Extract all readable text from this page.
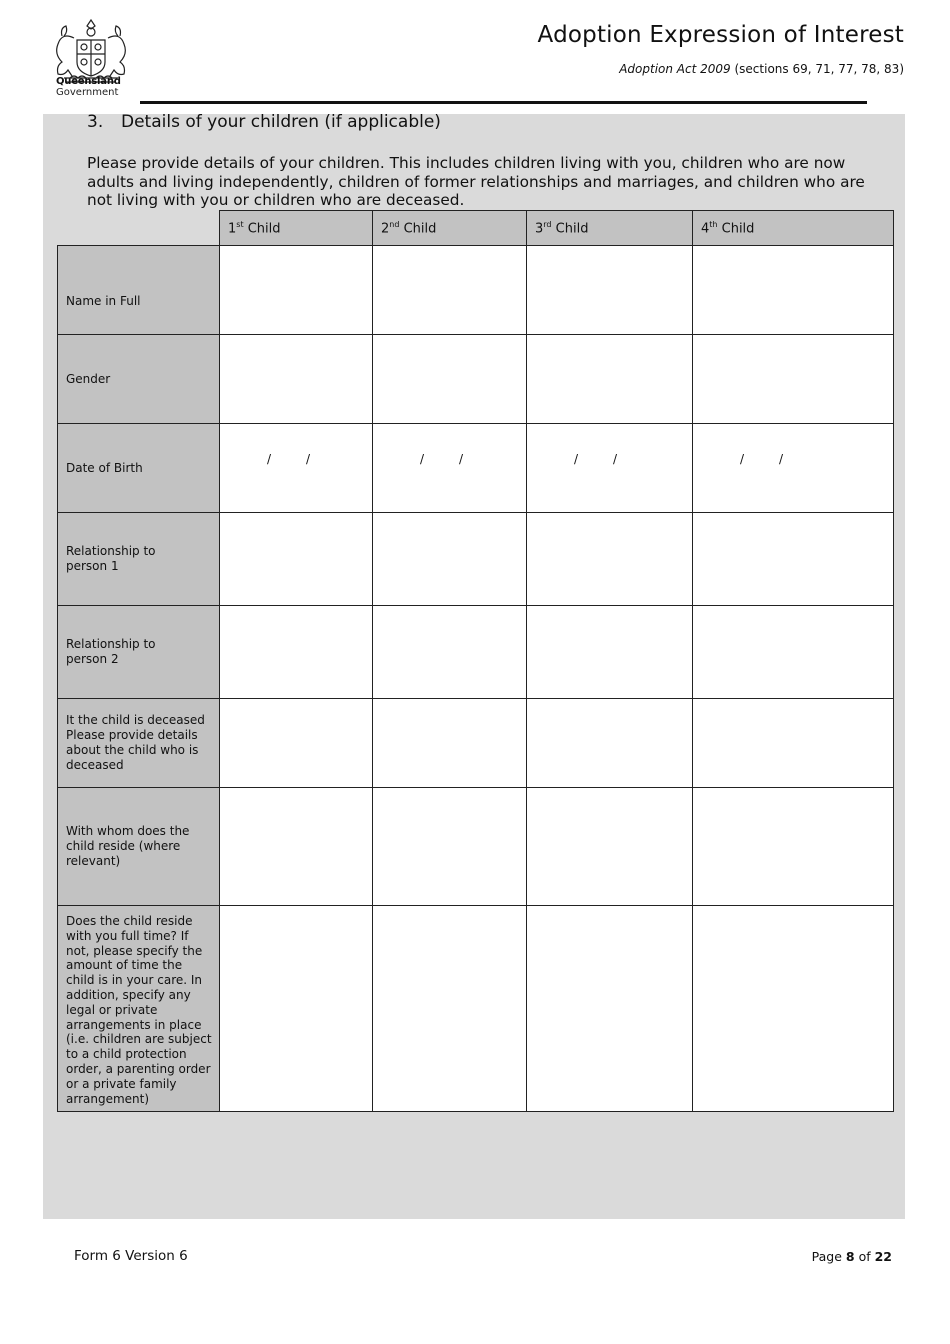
Queensland
Government
Adoption Expression of Interest
Adoption Act 2009 (sections 69, 71, 77, 78, 83)
3. Details of your children (if applicable)
Please provide details of your children. This includes children living with you, children who are now adults and living independently, children of former relationships and marriages, and children who are not living with you or children who are deceased.
	1st Child	2nd Child	3rd Child	4th Child
Name in Full				
Gender				
Date of Birth	/ /	/ /	/ /	/ /

Relationship to person 1				
Relationship to person 2				
It the child is deceased Please provide details about the child who is deceased				
With whom does the child reside (where relevant)				
Does the child reside with you full time? If not, please specify the amount of time the child is in your care. In addition, specify any legal or private arrangements in place (i.e. children are subject to a child protection order, a parenting order or a private family arrangement)				
Form 6 Version 6	Page 8 of 22
